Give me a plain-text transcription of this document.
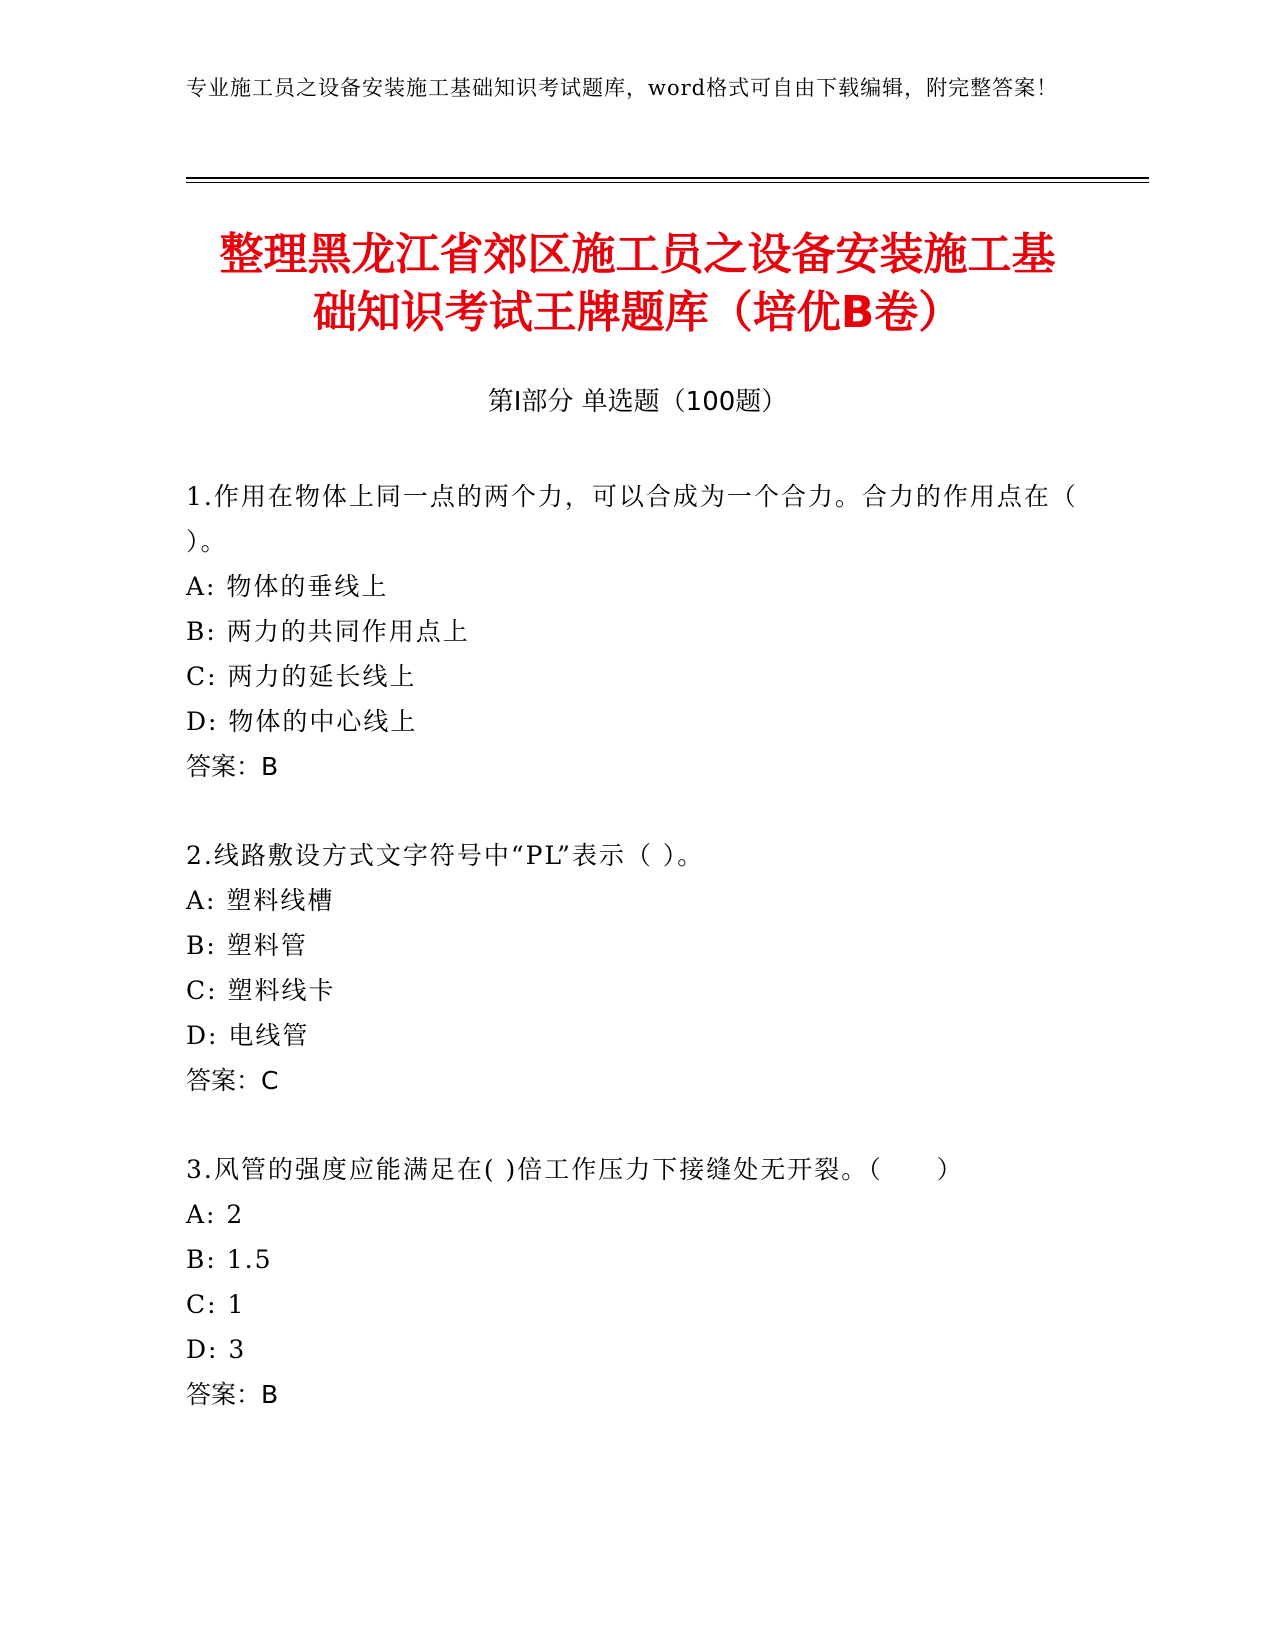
专业施工员之设备安装施工基础知识考试题库，word格式可自由下载编辑，附完整答案！
整理黑龙江省郊区施工员之设备安装施工基
础知识考试王牌题库（培优B卷）
第Ⅰ部分 单选题（100题）
1.作用在物体上同一点的两个力，可以合成为一个合力。合力的作用点在（ ）。
A: 物体的垂线上
B: 两力的共同作用点上
C: 两力的延长线上
D: 物体的中心线上
答案：B
2.线路敷设方式文字符号中“PL”表示（ ）。
A: 塑料线槽
B: 塑料管
C: 塑料线卡
D: 电线管
答案：C
3.风管的强度应能满足在( )倍工作压力下接缝处无开裂。（　　）
A: 2
B: 1.5
C: 1
D: 3
答案：B
